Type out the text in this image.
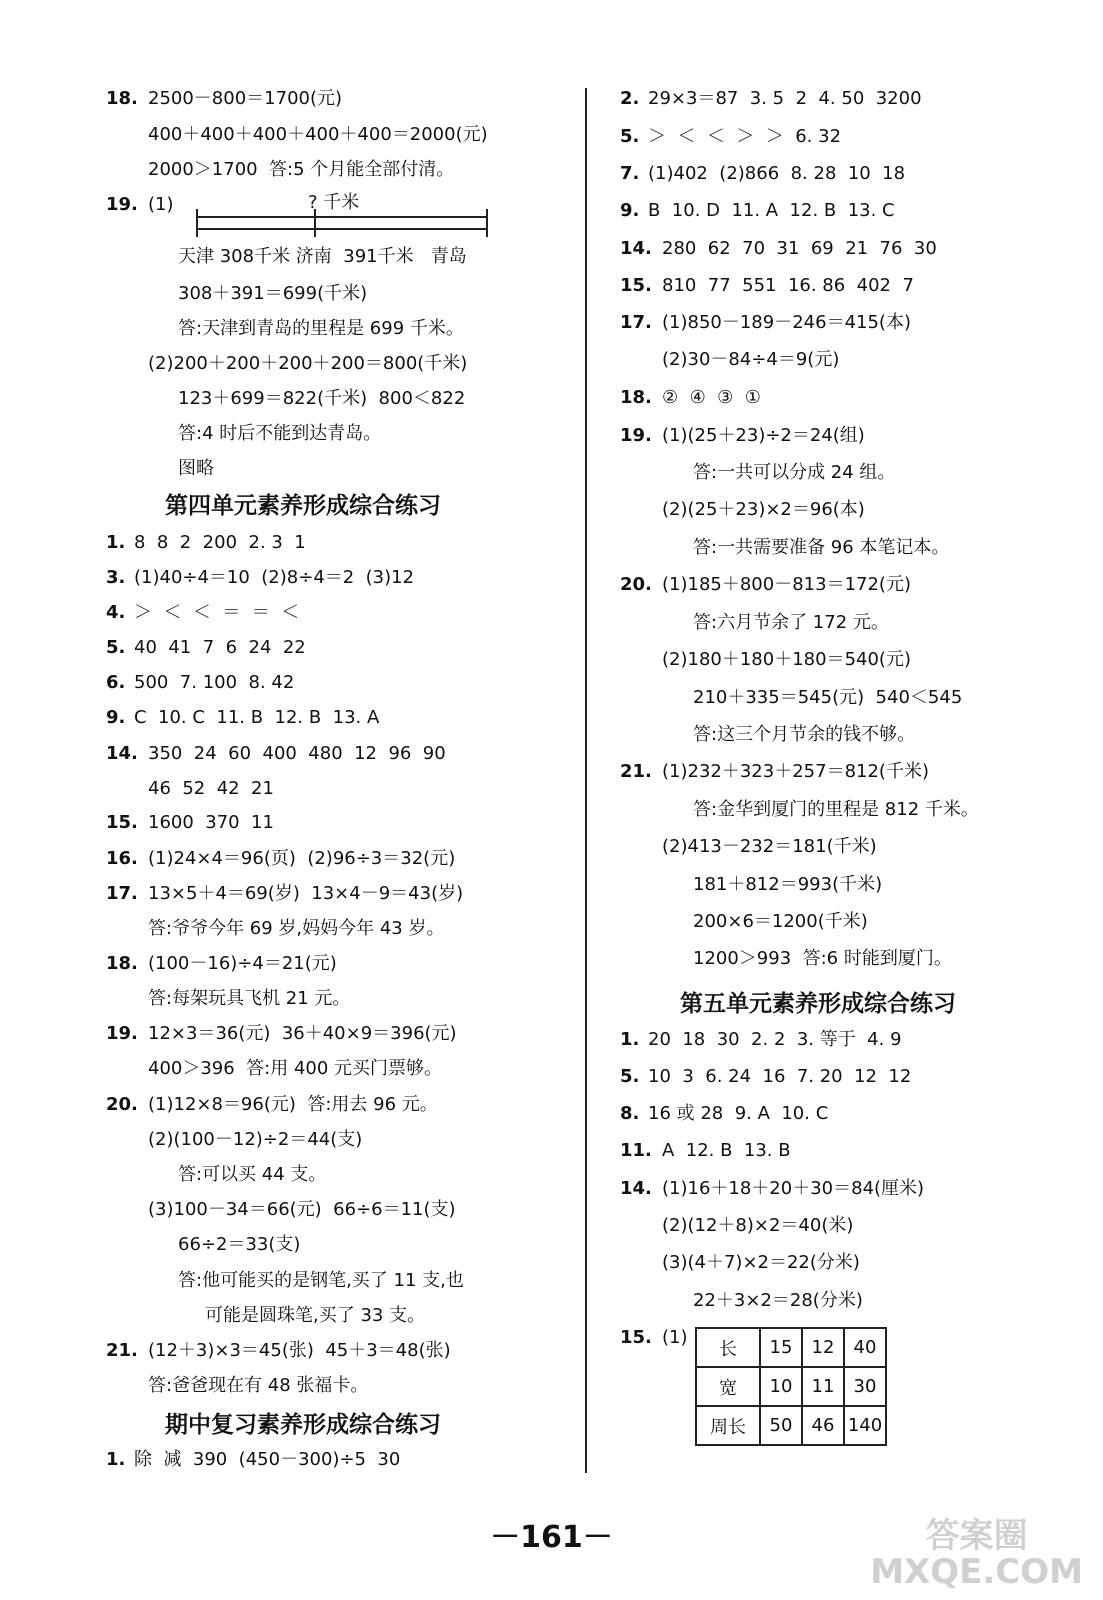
18. 2500－800＝1700(元)
400＋400＋400＋400＋400＝2000(元)
2000＞1700  答:5 个月能全部付清。
19. (1)
天津 308千米 济南  391千米   青岛
308＋391＝699(千米)
答:天津到青岛的里程是 699 千米。
(2)200＋200＋200＋200＝800(千米)
123＋699＝822(千米)  800＜822
答:4 时后不能到达青岛。
图略
1. 8  8  2  200  2. 3  1
3. (1)40÷4＝10  (2)8÷4＝2  (3)12
4. ＞  ＜  ＜  ＝  ＝  ＜
5. 40  41  7  6  24  22
6. 500  7. 100  8. 42
9. C  10. C  11. B  12. B  13. A
14. 350  24  60  400  480  12  96  90
46  52  42  21
15. 1600  370  11
16. (1)24×4＝96(页)  (2)96÷3＝32(元)
17. 13×5＋4＝69(岁)  13×4－9＝43(岁)
答:爷爷今年 69 岁,妈妈今年 43 岁。
18. (100－16)÷4＝21(元)
答:每架玩具飞机 21 元。
19. 12×3＝36(元)  36＋40×9＝396(元)
400＞396  答:用 400 元买门票够。
20. (1)12×8＝96(元)  答:用去 96 元。
(2)(100－12)÷2＝44(支)
答:可以买 44 支。
(3)100－34＝66(元)  66÷6＝11(支)
66÷2＝33(支)
答:他可能买的是钢笔,买了 11 支,也
可能是圆珠笔,买了 33 支。
21. (12＋3)×3＝45(张)  45＋3＝48(张)
答:爸爸现在有 48 张福卡。
1. 除  减  390  (450－300)÷5  30
2. 29×3＝87  3. 5  2  4. 50  3200
5. ＞  ＜  ＜  ＞  ＞  6. 32
7. (1)402  (2)866  8. 28  10  18
9. B  10. D  11. A  12. B  13. C
14. 280  62  70  31  69  21  76  30
15. 810  77  551  16. 86  402  7
17. (1)850－189－246＝415(本)
(2)30－84÷4＝9(元)
18. ②  ④  ③  ①
19. (1)(25＋23)÷2＝24(组)
答:一共可以分成 24 组。
(2)(25＋23)×2＝96(本)
答:一共需要准备 96 本笔记本。
20. (1)185＋800－813＝172(元)
答:六月节余了 172 元。
(2)180＋180＋180＝540(元)
210＋335＝545(元)  540＜545
答:这三个月节余的钱不够。
21. (1)232＋323＋257＝812(千米)
答:金华到厦门的里程是 812 千米。
(2)413－232＝181(千米)
181＋812＝993(千米)
200×6＝1200(千米)
1200＞993  答:6 时能到厦门。
1. 20  18  30  2. 2  3. 等于  4. 9
5. 10  3  6. 24  16  7. 20  12  12
8. 16 或 28  9. A  10. C
11. A  12. B  13. B
14. (1)16＋18＋20＋30＝84(厘米)
(2)(12＋8)×2＝40(米)
(3)(4＋7)×2＝22(分米)
22＋3×2＝28(分米)
15. (1)
? 千米
第四单元素养形成综合练习
期中复习素养形成综合练习
第五单元素养形成综合练习
长	15	12	40
宽	10	11	30
周长	50	46	140
－161－	答案圈
MXQE.COM
